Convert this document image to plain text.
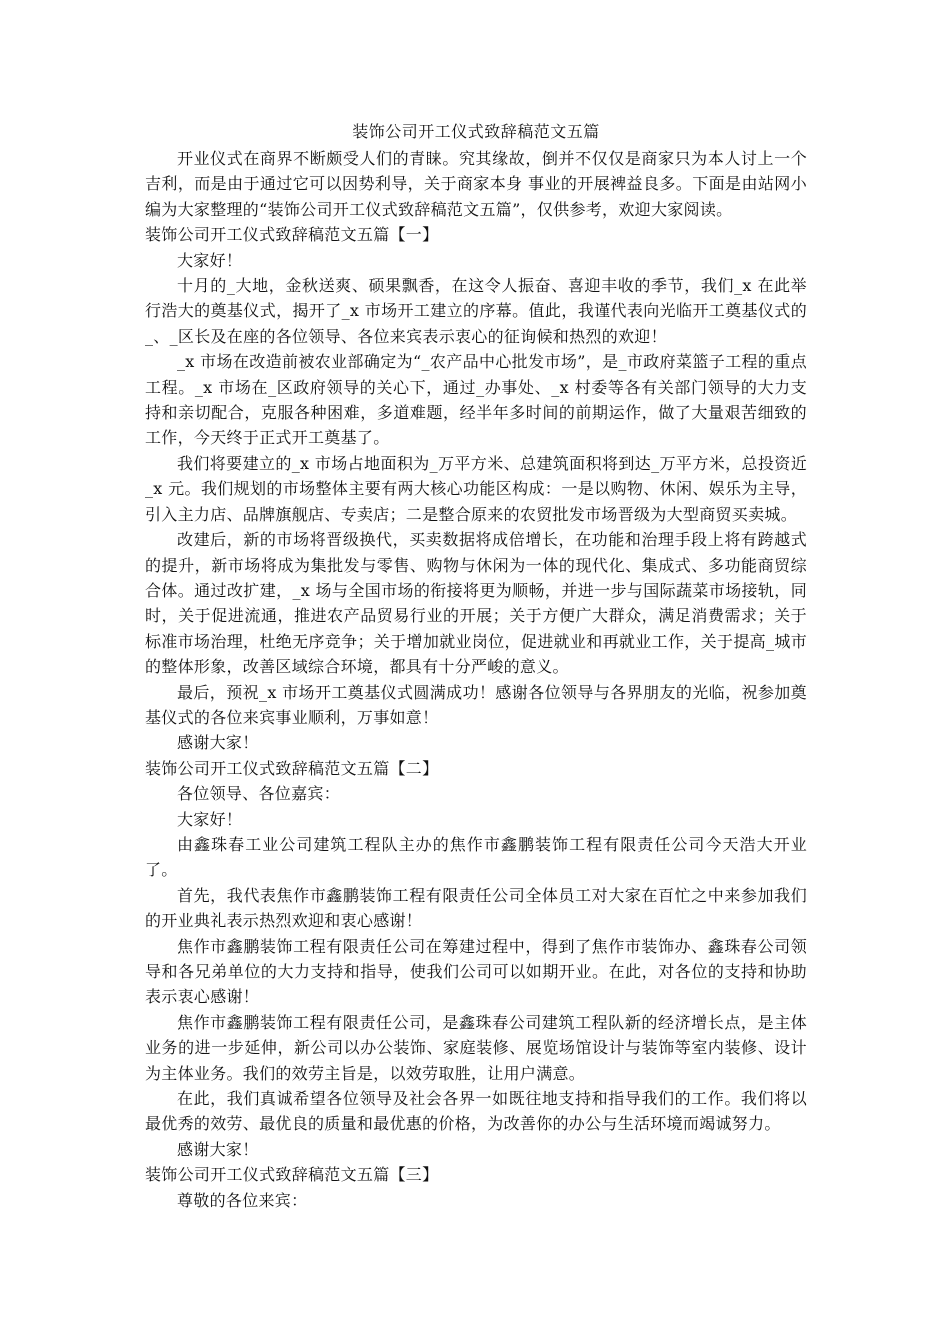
装饰公司开工仪式致辞稿范文五篇

开业仪式在商界不断颇受人们的青睐。究其缘故，倒并不仅仅是商家只为本人讨上一个吉利，而是由于通过它可以因势利导，关于商家本身 事业的开展裨益良多。下面是由站网小编为大家整理的“装饰公司开工仪式致辞稿范文五篇”，仅供参考，欢迎大家阅读。

装饰公司开工仪式致辞稿范文五篇【一】

大家好！

十月的_大地，金秋送爽、硕果飘香，在这令人振奋、喜迎丰收的季节，我们_x 在此举行浩大的奠基仪式，揭开了_x 市场开工建立的序幕。值此，我谨代表向光临开工奠基仪式的_、_区长及在座的各位领导、各位来宾表示衷心的征询候和热烈的欢迎！

_x 市场在改造前被农业部确定为“_农产品中心批发市场”，是_市政府菜篮子工程的重点工程。_x 市场在_区政府领导的关心下，通过_办事处、_x 村委等各有关部门领导的大力支持和亲切配合，克服各种困难，多道难题，经半年多时间的前期运作，做了大量艰苦细致的工作，今天终于正式开工奠基了。

我们将要建立的_x 市场占地面积为_万平方米、总建筑面积将到达_万平方米，总投资近_x 元。我们规划的市场整体主要有两大核心功能区构成：一是以购物、休闲、娱乐为主导，引入主力店、品牌旗舰店、专卖店；二是整合原来的农贸批发市场晋级为大型商贸买卖城。

改建后，新的市场将晋级换代，买卖数据将成倍增长，在功能和治理手段上将有跨越式的提升，新市场将成为集批发与零售、购物与休闲为一体的现代化、集成式、多功能商贸综合体。通过改扩建，_x 场与全国市场的衔接将更为顺畅，并进一步与国际蔬菜市场接轨，同时，关于促进流通，推进农产品贸易行业的开展；关于方便广大群众，满足消费需求；关于标准市场治理，杜绝无序竞争；关于增加就业岗位，促进就业和再就业工作，关于提高_城市的整体形象，改善区域综合环境，都具有十分严峻的意义。

最后，预祝_x 市场开工奠基仪式圆满成功！感谢各位领导与各界朋友的光临，祝参加奠基仪式的各位来宾事业顺利，万事如意！

感谢大家！

装饰公司开工仪式致辞稿范文五篇【二】

各位领导、各位嘉宾：

大家好！

由鑫珠春工业公司建筑工程队主办的焦作市鑫鹏装饰工程有限责任公司今天浩大开业了。

首先，我代表焦作市鑫鹏装饰工程有限责任公司全体员工对大家在百忙之中来参加我们的开业典礼表示热烈欢迎和衷心感谢！

焦作市鑫鹏装饰工程有限责任公司在筹建过程中，得到了焦作市装饰办、鑫珠春公司领导和各兄弟单位的大力支持和指导，使我们公司可以如期开业。在此，对各位的支持和协助表示衷心感谢！

焦作市鑫鹏装饰工程有限责任公司，是鑫珠春公司建筑工程队新的经济增长点，是主体业务的进一步延伸，新公司以办公装饰、家庭装修、展览场馆设计与装饰等室内装修、设计为主体业务。我们的效劳主旨是，以效劳取胜，让用户满意。

在此，我们真诚希望各位领导及社会各界一如既往地支持和指导我们的工作。我们将以最优秀的效劳、最优良的质量和最优惠的价格，为改善你的办公与生活环境而竭诚努力。

感谢大家！

装饰公司开工仪式致辞稿范文五篇【三】

尊敬的各位来宾：
